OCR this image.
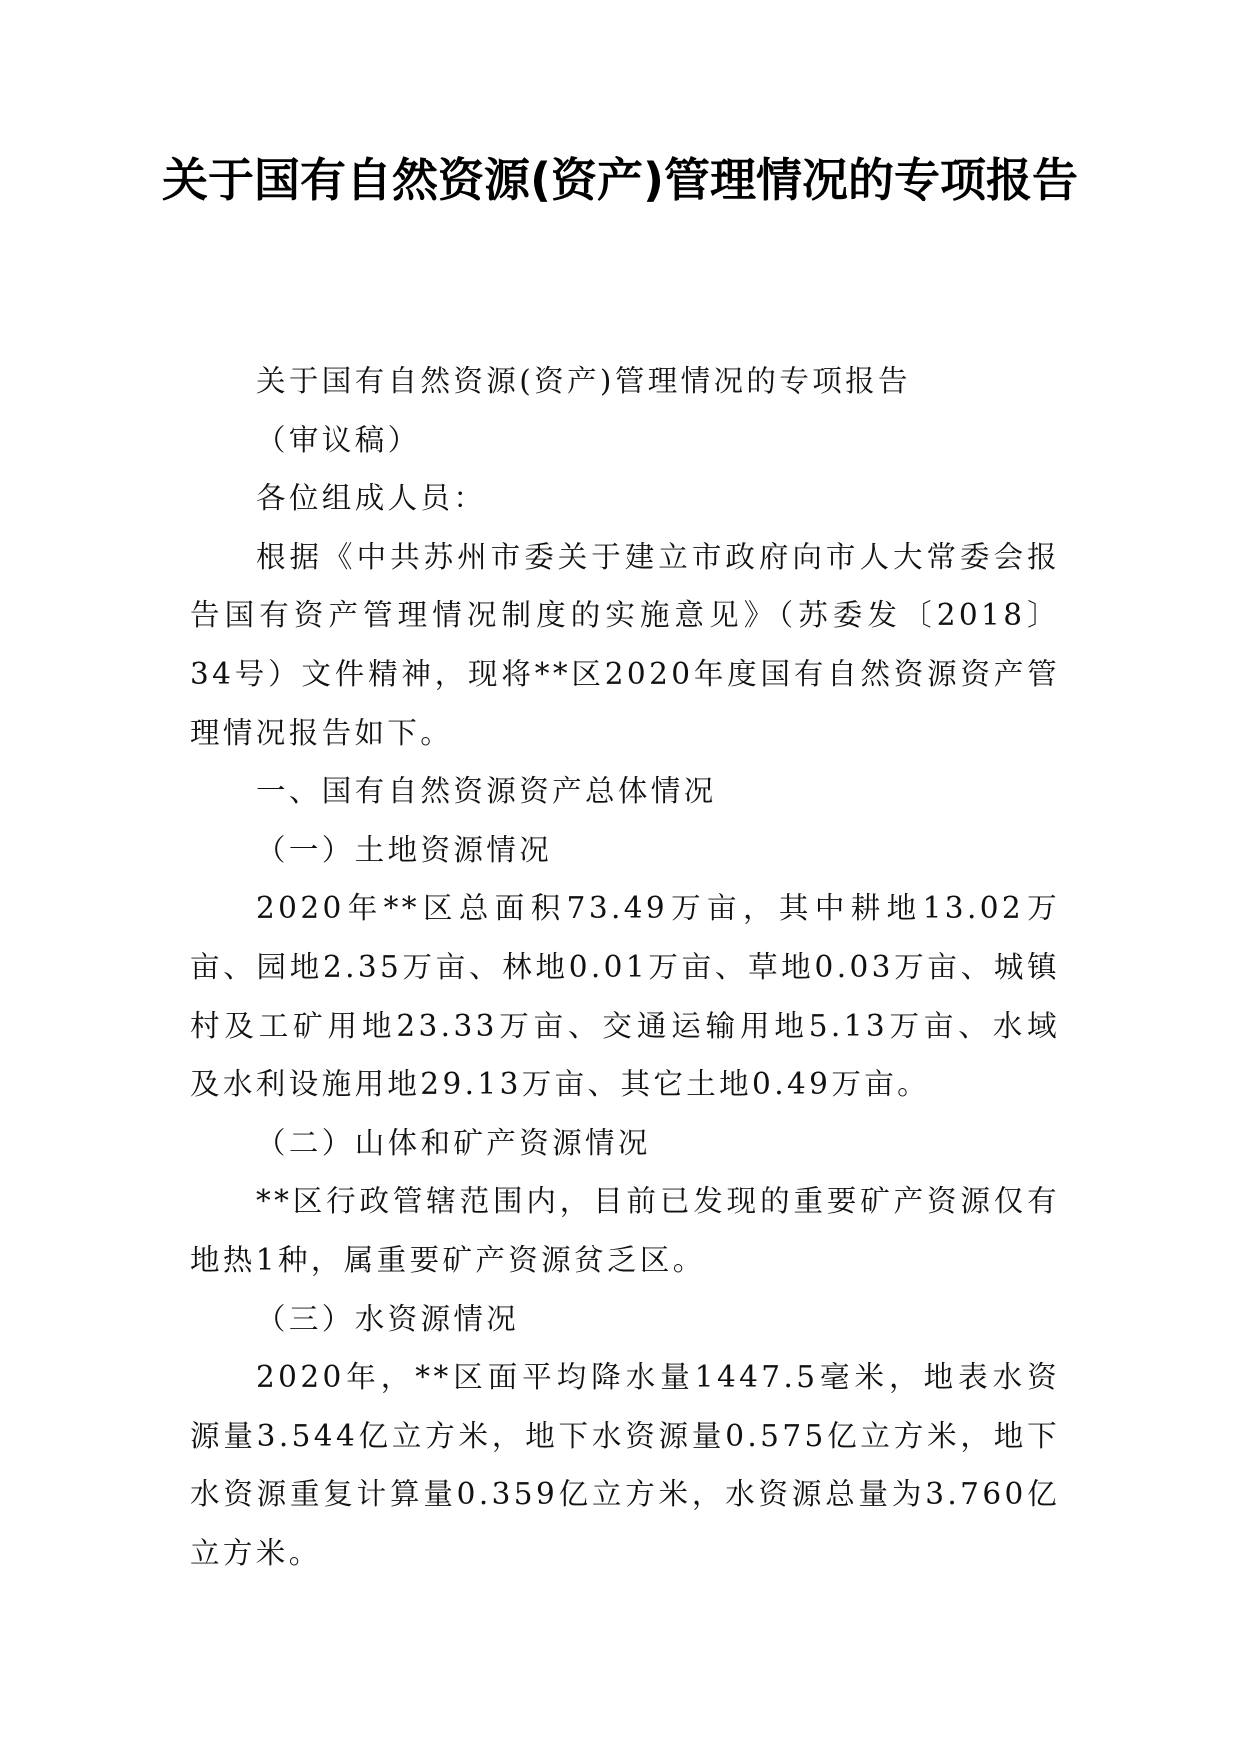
关于国有自然资源(资产)管理情况的专项报告

关于国有自然资源(资产)管理情况的专项报告

（审议稿）

各位组成人员：

根据《中共苏州市委关于建立市政府向市人大常委会报告国有资产管理情况制度的实施意见》（苏委发〔2018〕34号）文件精神，现将**区2020年度国有自然资源资产管理情况报告如下。

一、国有自然资源资产总体情况

（一）土地资源情况

2020年**区总面积73.49万亩，其中耕地13.02万亩、园地2.35万亩、林地0.01万亩、草地0.03万亩、城镇村及工矿用地23.33万亩、交通运输用地5.13万亩、水域及水利设施用地29.13万亩、其它土地0.49万亩。

（二）山体和矿产资源情况

**区行政管辖范围内，目前已发现的重要矿产资源仅有地热1种，属重要矿产资源贫乏区。

（三）水资源情况

2020年，**区面平均降水量1447.5毫米，地表水资源量3.544亿立方米，地下水资源量0.575亿立方米，地下水资源重复计算量0.359亿立方米，水资源总量为3.760亿立方米。
